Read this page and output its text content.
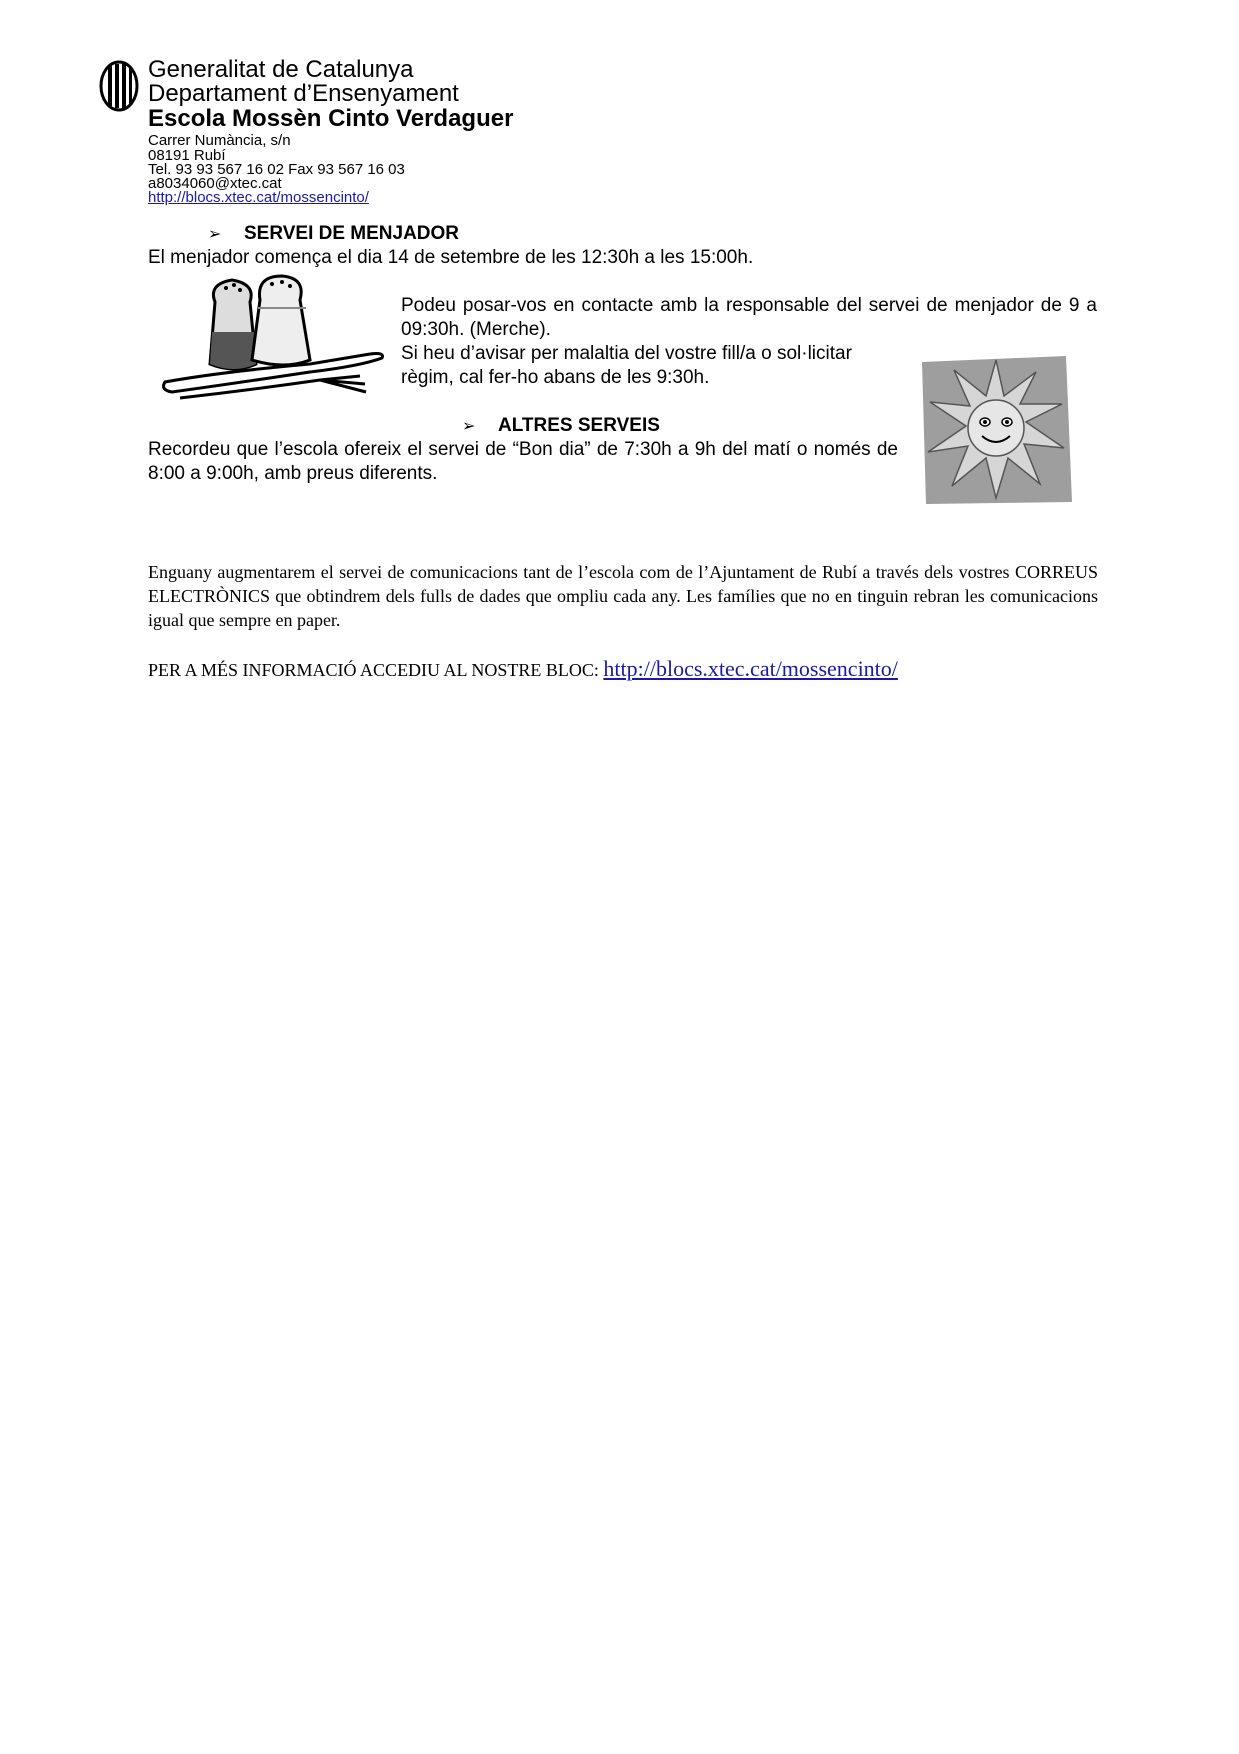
Generalitat de Catalunya
Departament d’Ensenyament
Escola Mossèn Cinto Verdaguer
Carrer Numància, s/n
08191 Rubí
Tel. 93 93 567 16 02 Fax 93 567 16 03
a8034060@xtec.cat
http://blocs.xtec.cat/mossencinto/
➢ SERVEI DE MENJADOR
El menjador comença el dia 14 de setembre de les 12:30h a les 15:00h.
Podeu posar-vos en contacte amb la responsable del servei de menjador de 9 a 09:30h. (Merche).
Si heu d’avisar per malaltia del vostre fill/a o sol·licitar règim, cal fer-ho abans de les 9:30h.
➢ ALTRES SERVEIS
Recordeu que l’escola ofereix el servei de “Bon dia” de 7:30h a 9h del matí o només de 8:00 a 9:00h, amb preus diferents.
Enguany augmentarem el servei de comunicacions tant de l’escola com de l’Ajuntament de Rubí a través dels vostres CORREUS ELECTRÒNICS que obtindrem dels fulls de dades que ompliu cada any. Les famílies que no en tinguin rebran les comunicacions igual que sempre en paper.
PER A MÉS INFORMACIÓ ACCEDIU AL NOSTRE BLOC: http://blocs.xtec.cat/mossencinto/
